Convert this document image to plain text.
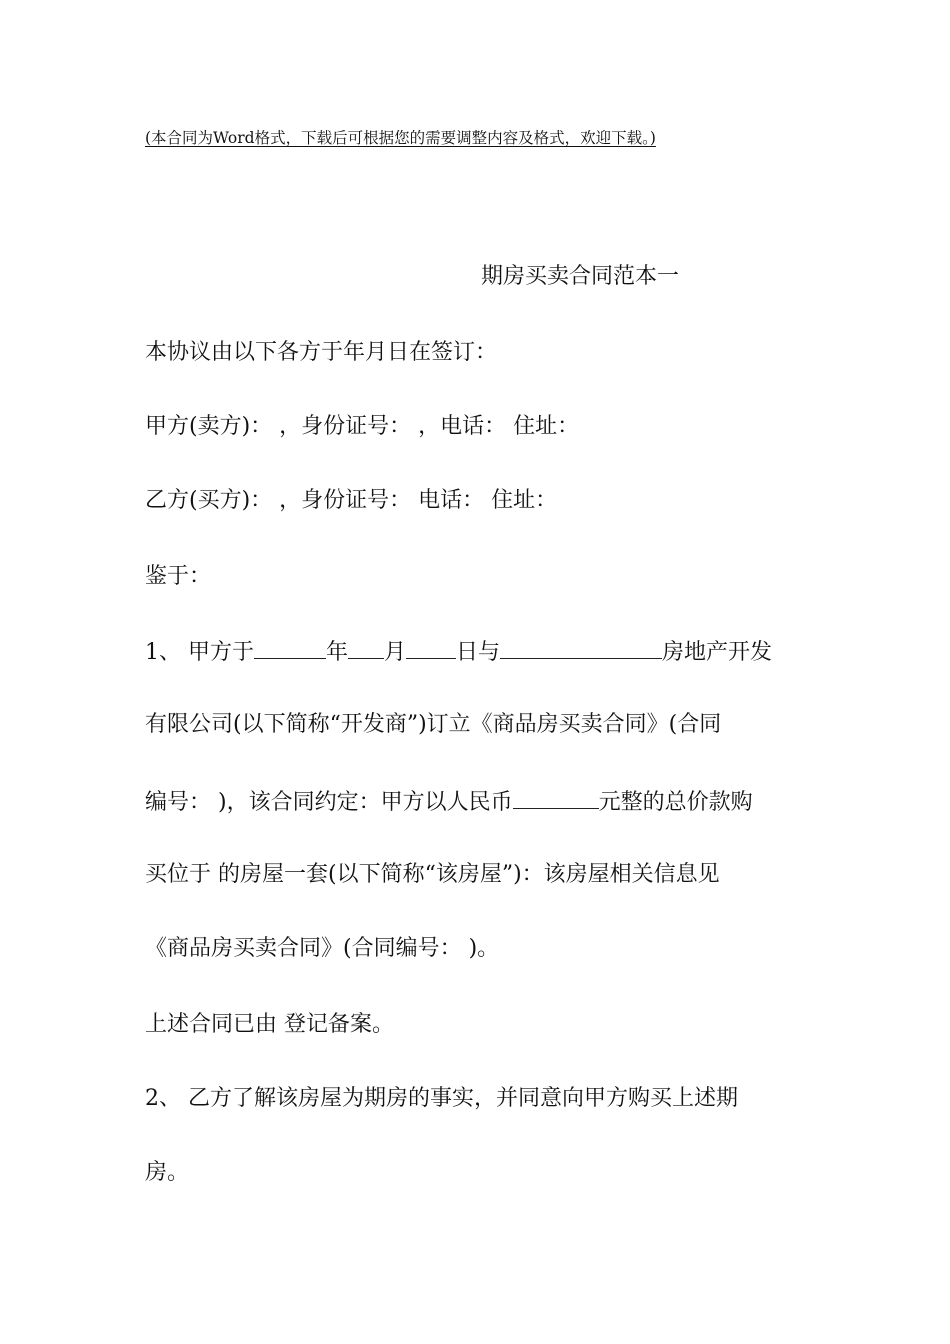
(本合同为Word格式，下载后可根据您的需要调整内容及格式，欢迎下载。)
期房买卖合同范本一
本协议由以下各方于年月日在签订：
甲方(卖方)： ，身份证号： ，电话： 住址：
乙方(买方)： ，身份证号： 电话： 住址：
鉴于：
1、 甲方于	年 月 日与	房地产开发
有限公司(以下简称“开发商”)订立《商品房买卖合同》(合同
编号： )，该合同约定：甲方以人民币	元整的总价款购
买位于 的房屋一套(以下简称“该房屋”)：该房屋相关信息见
《商品房买卖合同》(合同编号： )。
上述合同已由 登记备案。
2、 乙方了解该房屋为期房的事实，并同意向甲方购买上述期
房。
